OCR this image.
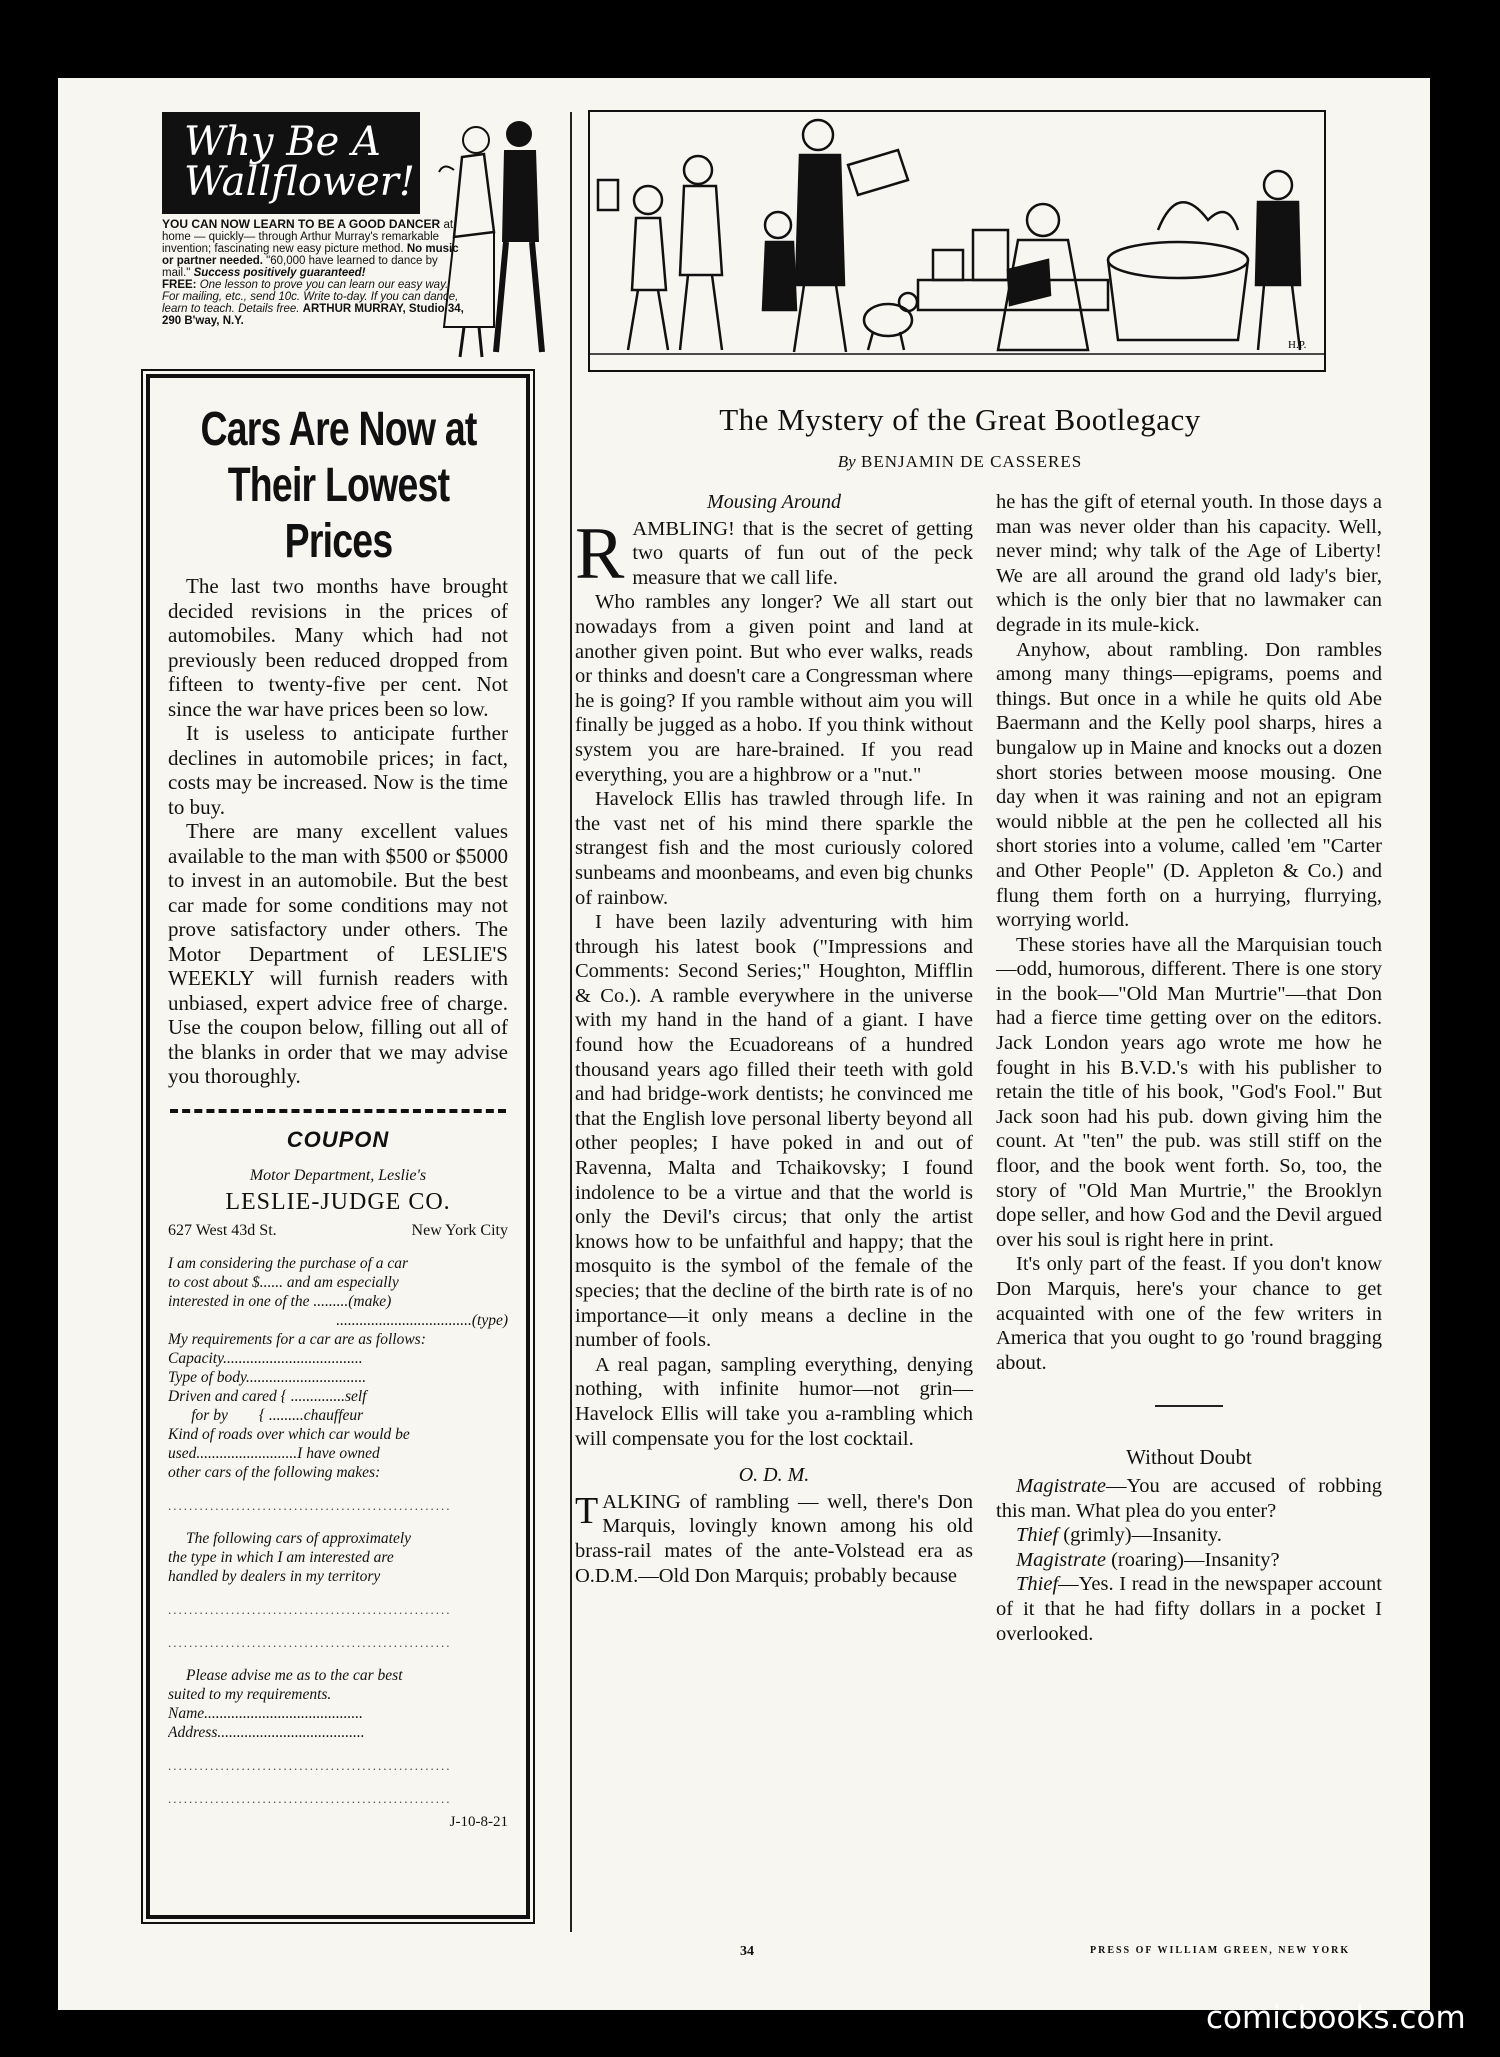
Why Be A
Wallflower!
YOU CAN NOW LEARN TO BE A GOOD DANCER at home — quickly— through Arthur Murray's remarkable invention; fascinating new easy picture method. No music or partner needed. "60,000 have learned to dance by mail." Success positively guaranteed!
FREE: One lesson to prove you can learn our easy way. For mailing, etc., send 10c. Write to-day. If you can dance, learn to teach. Details free. ARTHUR MURRAY, Studio 34, 290 B'way, N.Y.
Cars Are Now at
Their Lowest Prices

The last two months have brought decided revisions in the prices of automobiles. Many which had not previously been reduced dropped from fifteen to twenty-five per cent. Not since the war have prices been so low.

It is useless to anticipate further declines in automobile prices; in fact, costs may be increased. Now is the time to buy.

There are many excellent values available to the man with $500 or $5000 to invest in an automobile. But the best car made for some conditions may not prove satisfactory under others. The Motor Department of LESLIE'S WEEKLY will furnish readers with unbiased, expert advice free of charge. Use the coupon below, filling out all of the blanks in order that we may advise you thoroughly.

COUPON
Motor Department, Leslie's
LESLIE-JUDGE CO.
627 West 43d St.	New York City
I am considering the purchase of a car
to cost about $...... and am especially
interested in one of the .........(make)
...................................(type)
My requirements for a car are as follows:
Capacity....................................
Type of body...............................
Driven and cared { ..............self
for by        { .........chauffeur
Kind of roads over which car would be
used..........................I have owned
other cars of the following makes:
......................................................
The following cars of approximately
the type in which I am interested are
handled by dealers in my territory
......................................................
......................................................
Please advise me as to the car best
suited to my requirements.
Name.........................................
Address......................................
......................................................
......................................................
J-10-8-21
H.P.
The Mystery of the Great Bootlegacy
By BENJAMIN DE CASSERES
Mousing Around

RAMBLING! that is the secret of getting two quarts of fun out of the peck measure that we call life.

Who rambles any longer? We all start out nowadays from a given point and land at another given point. But who ever walks, reads or thinks and doesn't care a Congressman where he is going? If you ramble without aim you will finally be jugged as a hobo. If you think without system you are hare-brained. If you read everything, you are a highbrow or a "nut."

Havelock Ellis has trawled through life. In the vast net of his mind there sparkle the strangest fish and the most curiously colored sunbeams and moonbeams, and even big chunks of rainbow.

I have been lazily adventuring with him through his latest book ("Impressions and Comments: Second Series;" Houghton, Mifflin & Co.). A ramble everywhere in the universe with my hand in the hand of a giant. I have found how the Ecuadoreans of a hundred thousand years ago filled their teeth with gold and had bridge-work dentists; he convinced me that the English love personal liberty beyond all other peoples; I have poked in and out of Ravenna, Malta and Tchaikovsky; I found indolence to be a virtue and that the world is only the Devil's circus; that only the artist knows how to be unfaithful and happy; that the mosquito is the symbol of the female of the species; that the decline of the birth rate is of no importance—it only means a decline in the number of fools.

A real pagan, sampling everything, denying nothing, with infinite humor—not grin—Havelock Ellis will take you a-rambling which will compensate you for the lost cocktail.

O. D. M.

TALKING of rambling — well, there's Don Marquis, lovingly known among his old brass-rail mates of the ante-Volstead era as O.D.M.—Old Don Marquis; probably because

he has the gift of eternal youth. In those days a man was never older than his capacity. Well, never mind; why talk of the Age of Liberty! We are all around the grand old lady's bier, which is the only bier that no lawmaker can degrade in its mule-kick.

Anyhow, about rambling. Don rambles among many things—epigrams, poems and things. But once in a while he quits old Abe Baermann and the Kelly pool sharps, hires a bungalow up in Maine and knocks out a dozen short stories between moose mousing. One day when it was raining and not an epigram would nibble at the pen he collected all his short stories into a volume, called 'em "Carter and Other People" (D. Appleton & Co.) and flung them forth on a hurrying, flurrying, worrying world.

These stories have all the Marquisian touch—odd, humorous, different. There is one story in the book—"Old Man Murtrie"—that Don had a fierce time getting over on the editors. Jack London years ago wrote me how he fought in his B.V.D.'s with his publisher to retain the title of his book, "God's Fool." But Jack soon had his pub. down giving him the count. At "ten" the pub. was still stiff on the floor, and the book went forth. So, too, the story of "Old Man Murtrie," the Brooklyn dope seller, and how God and the Devil argued over his soul is right here in print.

It's only part of the feast. If you don't know Don Marquis, here's your chance to get acquainted with one of the few writers in America that you ought to go 'round bragging about.

Without Doubt

Magistrate—You are accused of robbing this man. What plea do you enter?

Thief (grimly)—Insanity.

Magistrate (roaring)—Insanity?

Thief—Yes. I read in the newspaper account of it that he had fifty dollars in a pocket I overlooked.

34	PRESS OF WILLIAM GREEN, NEW YORK
comicbooks.com
